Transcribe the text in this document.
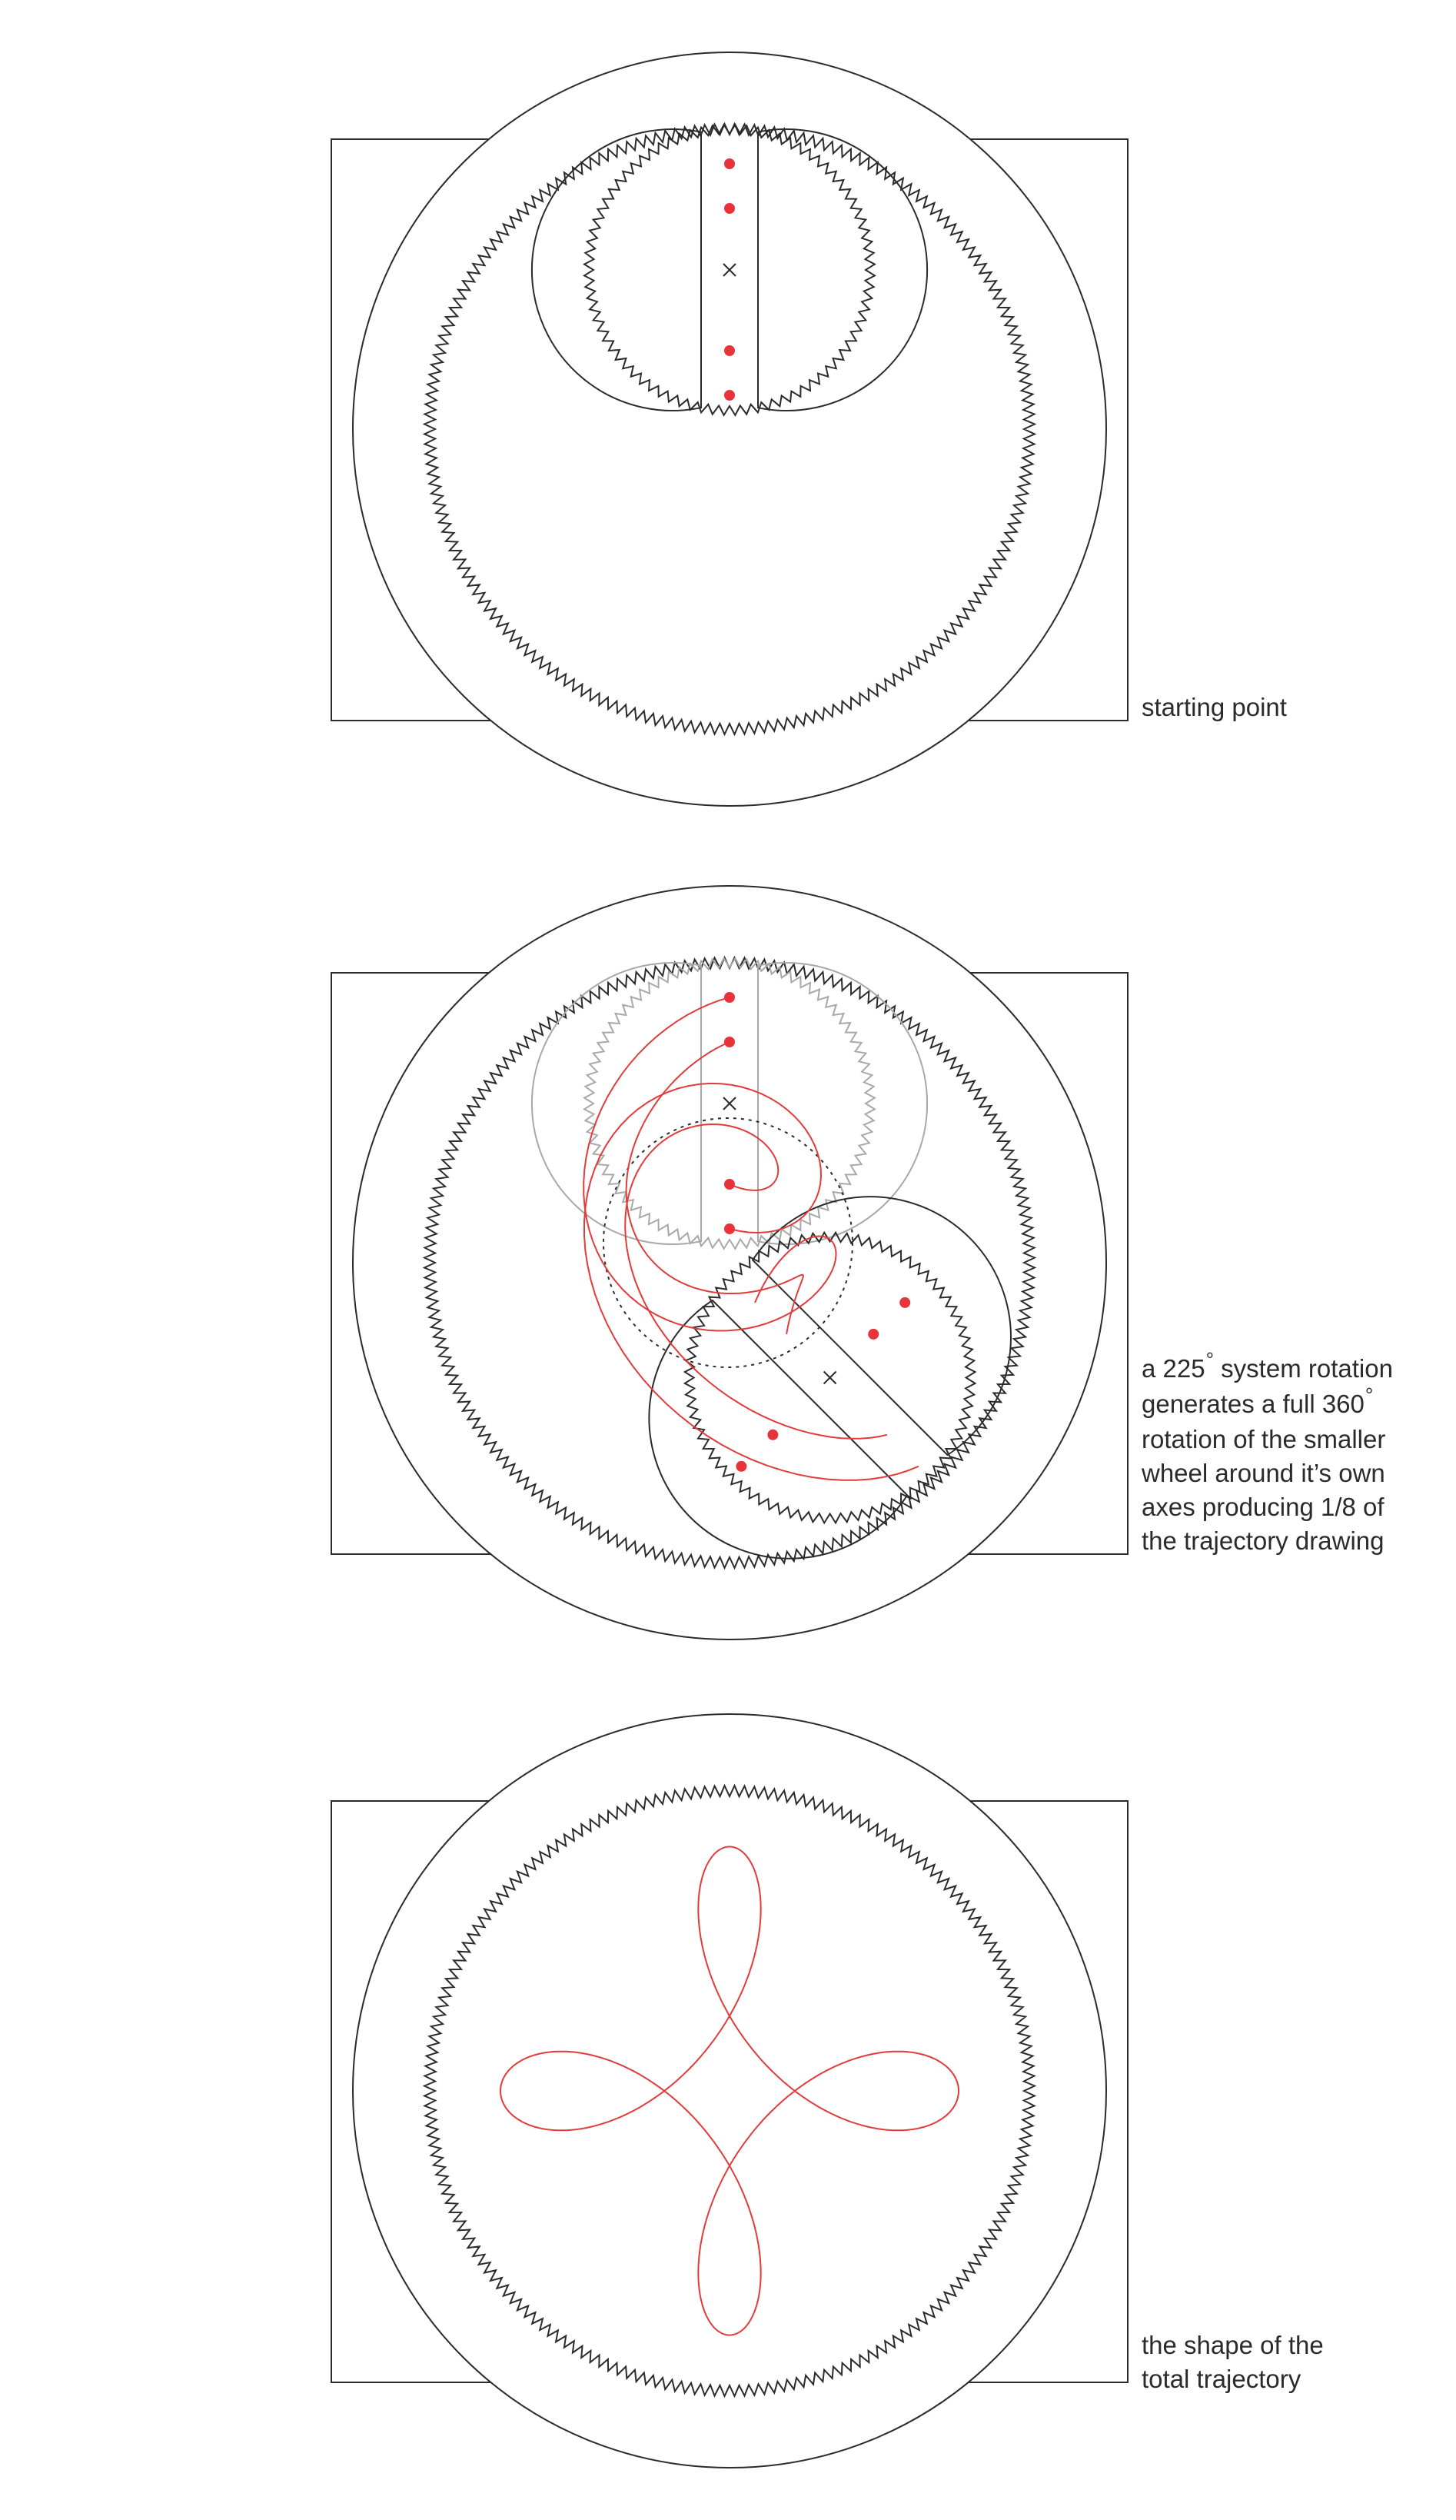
starting point
a 225° system rotation
generates a full 360°
rotation of the smaller
wheel around it’s own
axes producing 1/8 of
the trajectory drawing
the shape of the
total trajectory
